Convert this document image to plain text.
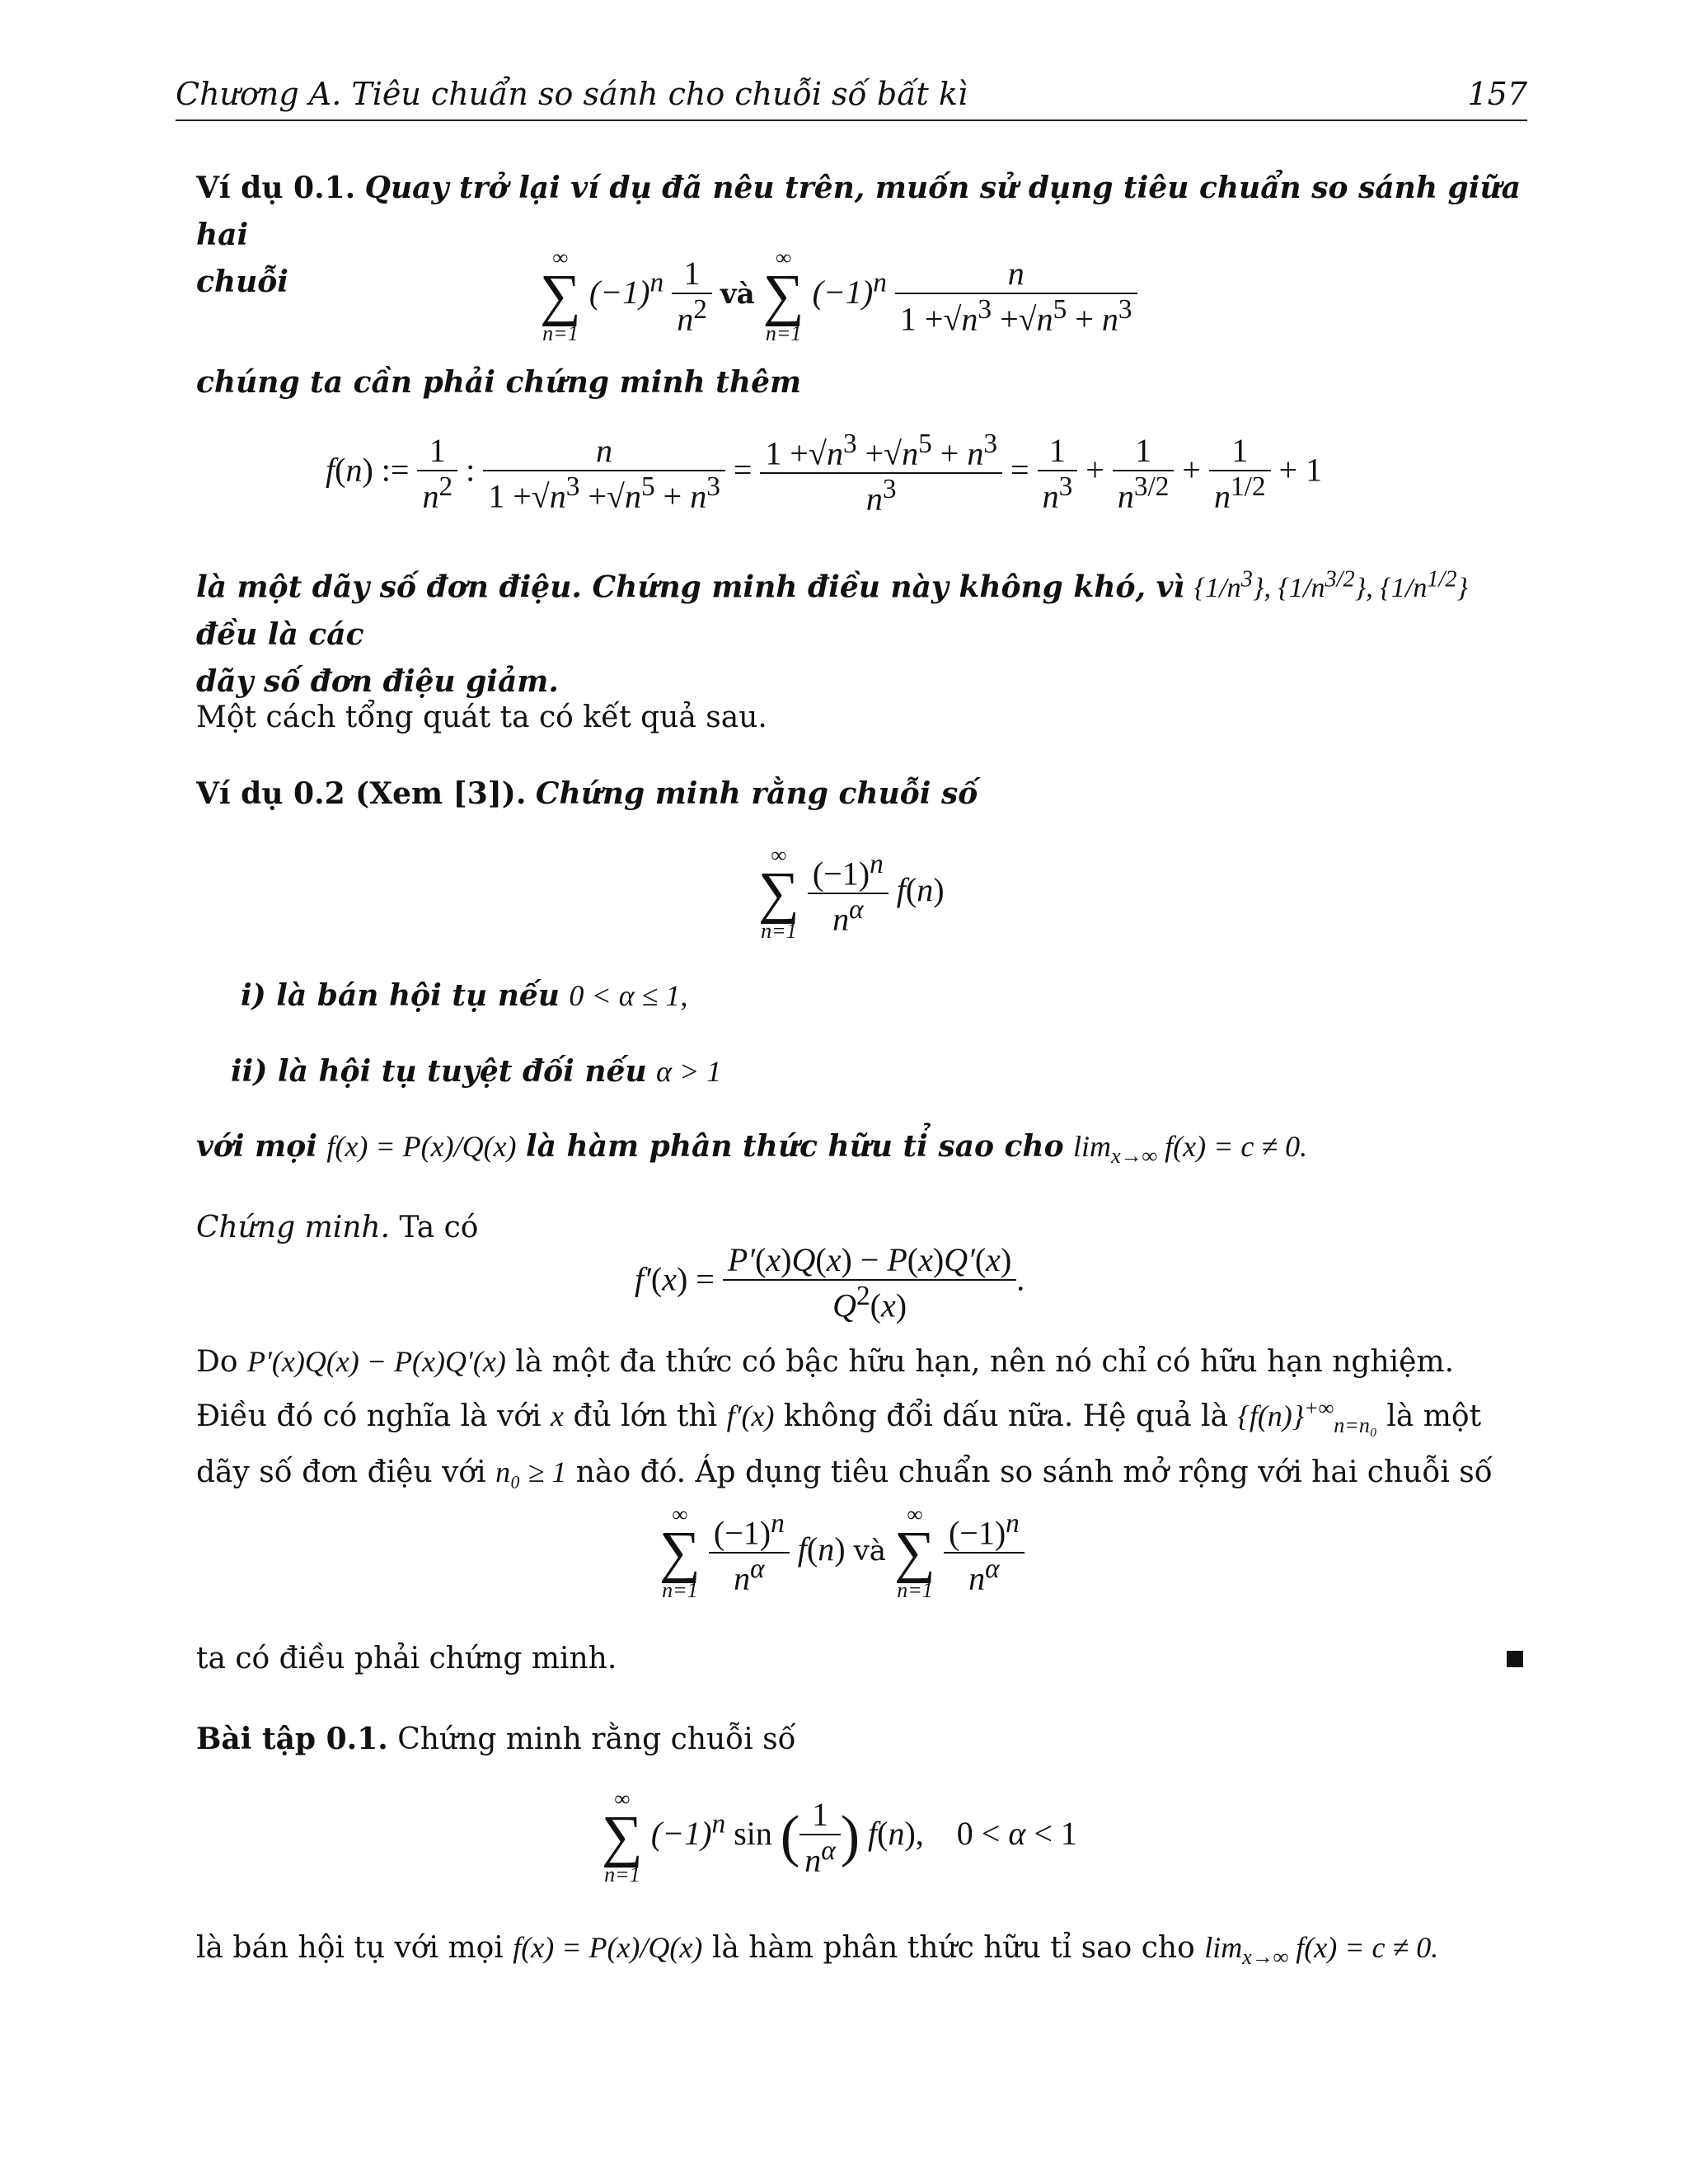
Chương A. Tiêu chuẩn so sánh cho chuỗi số bất kì	157
Ví dụ 0.1. Quay trở lại ví dụ đã nêu trên, muốn sử dụng tiêu chuẩn so sánh giữa hai
chuỗi
∞
∑
n=1
$(-1)^n \frac{1}{n^2}$ và
∞
∑
n=1
$(-1)^n \frac{n}{1 +√n^3 +√n^5 + n^3}$
chúng ta cần phải chứng minh thêm
f(n) := $\frac{1}{n^2}$ : $\frac{n}{1 +√n^3 +√n^5 + n^3} = \frac{1 +√n^3 +√n^5 + n^3}{n^3} = \frac{1}{n^3} + \frac{1}{n^{3/2}} + \frac{1}{n^{1/2}} + 1$
là một dãy số đơn điệu. Chứng minh điều này không khó, vì $\{1/n^3\}$, $\{1/n^{3/2}\}$, $\{1/n^{1/2}\}$ đều là các
dãy số đơn điệu giảm.
Một cách tổng quát ta có kết quả sau.
Ví dụ 0.2 (Xem [3]). Chứng minh rằng chuỗi số
∞
∑
n=1
$\frac{(-1)^n}{n^\alpha} f(n)$
i) là bán hội tụ nếu 0 < α ≤ 1,
ii) là hội tụ tuyệt đối nếu α > 1
với mọi f(x) = P(x)/Q(x) là hàm phân thức hữu tỉ sao cho $\lim_{x\to\infty} f(x) = c \ne 0$.
Chứng minh. Ta có
$f'(x) = \frac{P'(x)Q(x) - P(x)Q'(x)}{Q^2(x)}$ .
Do P′(x)Q(x) − P(x)Q′(x) là một đa thức có bậc hữu hạn, nên nó chỉ có hữu hạn nghiệm.
Điều đó có nghĩa là với x đủ lớn thì f′(x) không đổi dấu nữa. Hệ quả là $\{f(n)\}^{+\infty}_{n=n_0}$ là một
dãy số đơn điệu với n₀ ≥ 1 nào đó. Áp dụng tiêu chuẩn so sánh mở rộng với hai chuỗi số
∞
∑
n=1
$\frac{(-1)^n}{n^\alpha} f(n)$ và
∞
∑
n=1
$\frac{(-1)^n}{n^\alpha}$
ta có điều phải chứng minh.
Bài tập 0.1. Chứng minh rằng chuỗi số
∞
∑
n=1
$(-1)^n$ sin ( $\frac{1}{n^\alpha}$ ) f(n),    0 < α < 1
là bán hội tụ với mọi f(x) = P(x)/Q(x) là hàm phân thức hữu tỉ sao cho $\lim_{x\to\infty} f(x) = c \ne 0$.
